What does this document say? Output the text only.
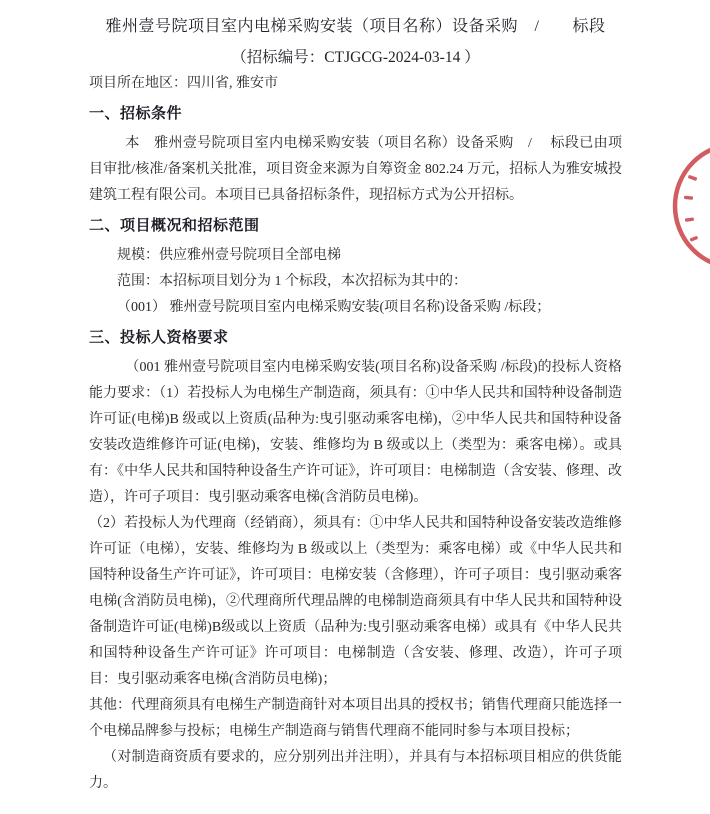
雅州壹号院项目室内电梯采购安装（项目名称）设备采购　/　　标段
（招标编号：CTJGCG-2024-03-14 ）

项目所在地区：四川省, 雅安市

一、招标条件

本　雅州壹号院项目室内电梯采购安装（项目名称）设备采购　/　 标段已由项目审批/核准/备案机关批准，项目资金来源为自筹资金 802.24 万元，招标人为雅安城投建筑工程有限公司。本项目已具备招标条件，现招标方式为公开招标。

二、项目概况和招标范围

规模：供应雅州壹号院项目全部电梯

范围：本招标项目划分为 1 个标段，本次招标为其中的：

（001） 雅州壹号院项目室内电梯采购安装(项目名称)设备采购 /标段；

三、投标人资格要求

（001 雅州壹号院项目室内电梯采购安装(项目名称)设备采购 /标段)的投标人资格能力要求：（1）若投标人为电梯生产制造商，须具有：①中华人民共和国特种设备制造许可证(电梯)B 级或以上资质(品种为:曳引驱动乘客电梯)，②中华人民共和国特种设备安装改造维修许可证(电梯)，安装、维修均为 B 级或以上（类型为：乘客电梯）。或具有：《中华人民共和国特种设备生产许可证》，许可项目：电梯制造（含安装、修理、改造），许可子项目：曳引驱动乘客电梯(含消防员电梯)。

（2）若投标人为代理商（经销商），须具有：①中华人民共和国特种设备安装改造维修许可证（电梯），安装、维修均为 B 级或以上（类型为：乘客电梯）或《中华人民共和国特种设备生产许可证》，许可项目：电梯安装（含修理），许可子项目：曳引驱动乘客电梯(含消防员电梯)，②代理商所代理品牌的电梯制造商须具有中华人民共和国特种设备制造许可证(电梯)B级或以上资质（品种为:曳引驱动乘客电梯）或具有《中华人民共和国特种设备生产许可证》许可项目：电梯制造（含安装、修理、改造），许可子项目：曳引驱动乘客电梯(含消防员电梯)；

其他：代理商须具有电梯生产制造商针对本项目出具的授权书；销售代理商只能选择一个电梯品牌参与投标；电梯生产制造商与销售代理商不能同时参与本项目投标；

（对制造商资质有要求的，应分别列出并注明），并具有与本招标项目相应的供货能力。
